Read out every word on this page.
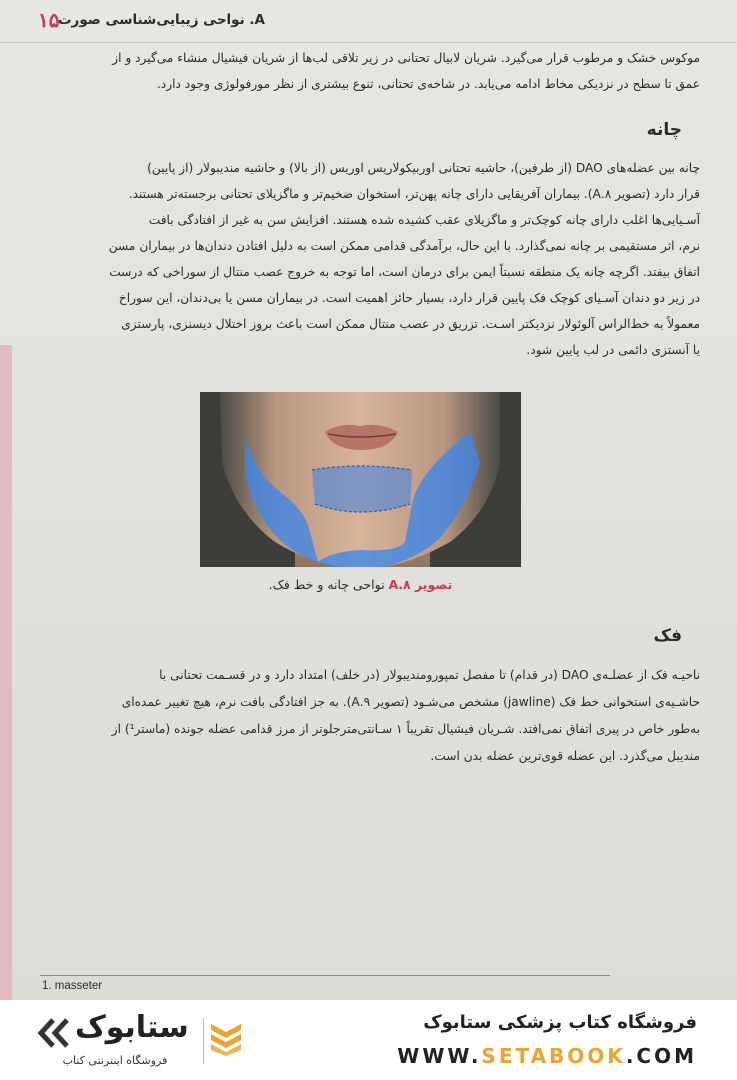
۱۵
A. نواحی زیبایی‌شناسی صورت
موکوس خشک و مرطوب قرار می‌گیرد. شریان لابیال تحتانی در زیر تلاقی لب‌ها از شریان فیشیال منشاء می‌گیرد و از
عمق تا سطح در نزدیکی مخاط ادامه می‌یابد. در شاخه‌ی تحتانی، تنوع بیشتری از نظر مورفولوژی وجود دارد.
چانه
چانه بین عضله‌های DAO (از طرفین)، حاشیه تحتانی اوربیکولاریس اوریس (از بالا) و حاشیه مندیبولار (از پایین)
قرار دارد (تصویر ۸.A). بیماران آفریقایی دارای چانه پهن‌تر، استخوان ضخیم‌تر و ماگزیلای تحتانی برجسته‌تر هستند.
آسـیایی‌ها اغلب دارای چانه کوچک‌تر و ماگزیلای عقب کشیده شده هستند. افزایش سن به غیر از افتادگی بافت
نرم، اثر مستقیمی بر چانه نمی‌گذارد. با این حال، برآمدگی قدامی ممکن است به دلیل افتادن دندان‌ها در بیماران مسن
اتفاق بیفتد. اگرچه چانه یک منطقه نسبتاً ایمن برای درمان است، اما توجه به خروج عصب منتال از سوراخی که درست
در زیر دو دندان آسـیای کوچک فک پایین قرار دارد، بسیار حائز اهمیت است. در بیماران مسن یا بی‌دندان، این سوراخ
معمولاً به خط‌الراس آلوئولار نزدیکتر اسـت. تزریق در عصب منتال ممکن است باعث بروز اختلال دیسنزی، پارستزی
یا آنستزی دائمی در لب پایین شود.
تصویر ۸.A نواحی چانه و خط فک.
فک
ناحیـه فک از عضلـه‌ی DAO (در قدام) تا مفصل تمپورومندیبولار (در خلف) امتداد دارد و در قسـمت تحتانی با
حاشـیه‌ی استخوانی خط فک (jawline) مشخص می‌شـود (تصویر ۹.A). به جز افتادگی بافت نرم، هیچ تغییر عمده‌ای
به‌طور خاص در پیری اتفاق نمی‌افتد. شـریان فیشیال تقریباً ۱ سـانتی‌مترجلوتر از مرز قدامی عضله جونده (ماستر¹) از
مندیبل می‌گذرد. این عضله قوی‌ترین عضله بدن است.
1. masseter
ستابوک
فروشگاه اینترنتی کتاب
فروشگاه کتاب پزشکی ستابوک
WWW.SETABOOK.COM
